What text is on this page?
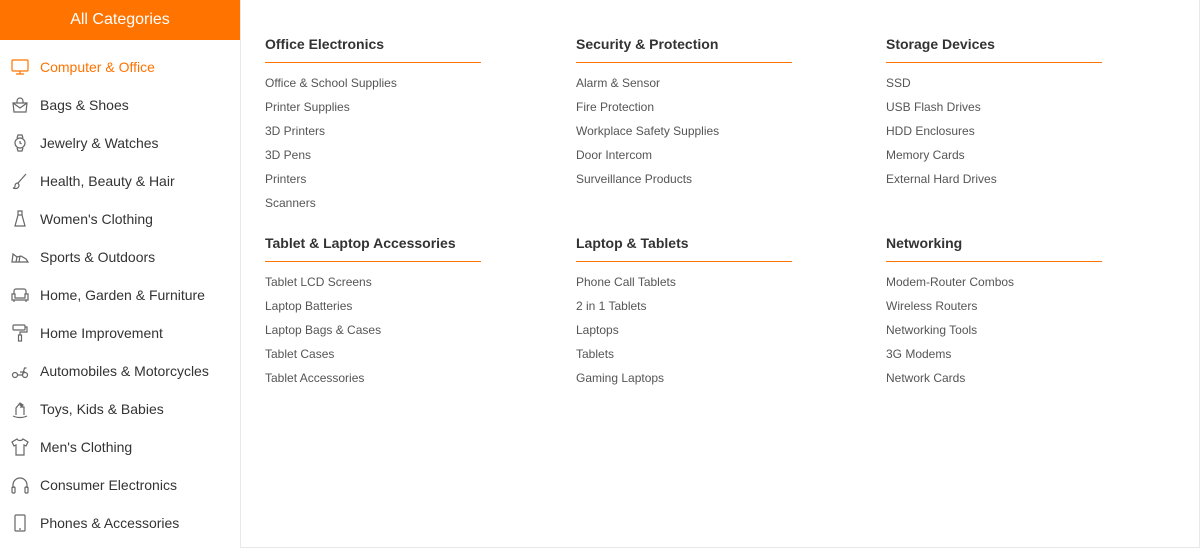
All Categories
Computer & Office
Bags & Shoes
Jewelry & Watches
Health, Beauty & Hair
Women's Clothing
Sports & Outdoors
Home, Garden & Furniture
Home Improvement
Automobiles & Motorcycles
Toys, Kids & Babies
Men's Clothing
Consumer Electronics
Phones & Accessories
Office Electronics
Office & School Supplies
Printer Supplies
3D Printers
3D Pens
Printers
Scanners
Security & Protection
Alarm & Sensor
Fire Protection
Workplace Safety Supplies
Door Intercom
Surveillance Products
Storage Devices
SSD
USB Flash Drives
HDD Enclosures
Memory Cards
External Hard Drives
Tablet & Laptop Accessories
Tablet LCD Screens
Laptop Batteries
Laptop Bags & Cases
Tablet Cases
Tablet Accessories
Laptop & Tablets
Phone Call Tablets
2 in 1 Tablets
Laptops
Tablets
Gaming Laptops
Networking
Modem-Router Combos
Wireless Routers
Networking Tools
3G Modems
Network Cards
